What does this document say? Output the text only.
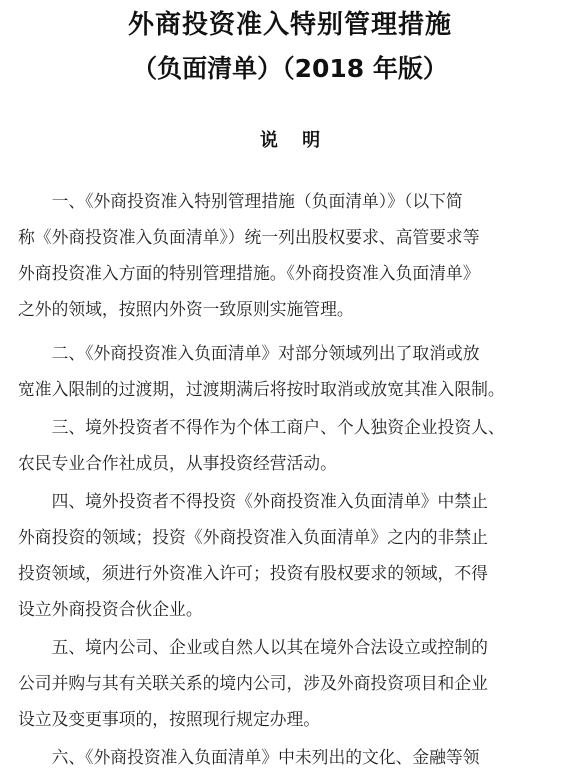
外商投资准入特别管理措施
（负面清单）（2018 年版）
说 明
　　一、《外商投资准入特别管理措施（负面清单）》（以下简
称《外商投资准入负面清单》）统一列出股权要求、高管要求等
外商投资准入方面的特别管理措施。《外商投资准入负面清单》
之外的领域，按照内外资一致原则实施管理。
　　二、《外商投资准入负面清单》对部分领域列出了取消或放
宽准入限制的过渡期，过渡期满后将按时取消或放宽其准入限制。
　　三、境外投资者不得作为个体工商户、个人独资企业投资人、
农民专业合作社成员，从事投资经营活动。
　　四、境外投资者不得投资《外商投资准入负面清单》中禁止
外商投资的领域；投资《外商投资准入负面清单》之内的非禁止
投资领域，须进行外资准入许可；投资有股权要求的领域，不得
设立外商投资合伙企业。
　　五、境内公司、企业或自然人以其在境外合法设立或控制的
公司并购与其有关联关系的境内公司，涉及外商投资项目和企业
设立及变更事项的，按照现行规定办理。
　　六、《外商投资准入负面清单》中未列出的文化、金融等领
